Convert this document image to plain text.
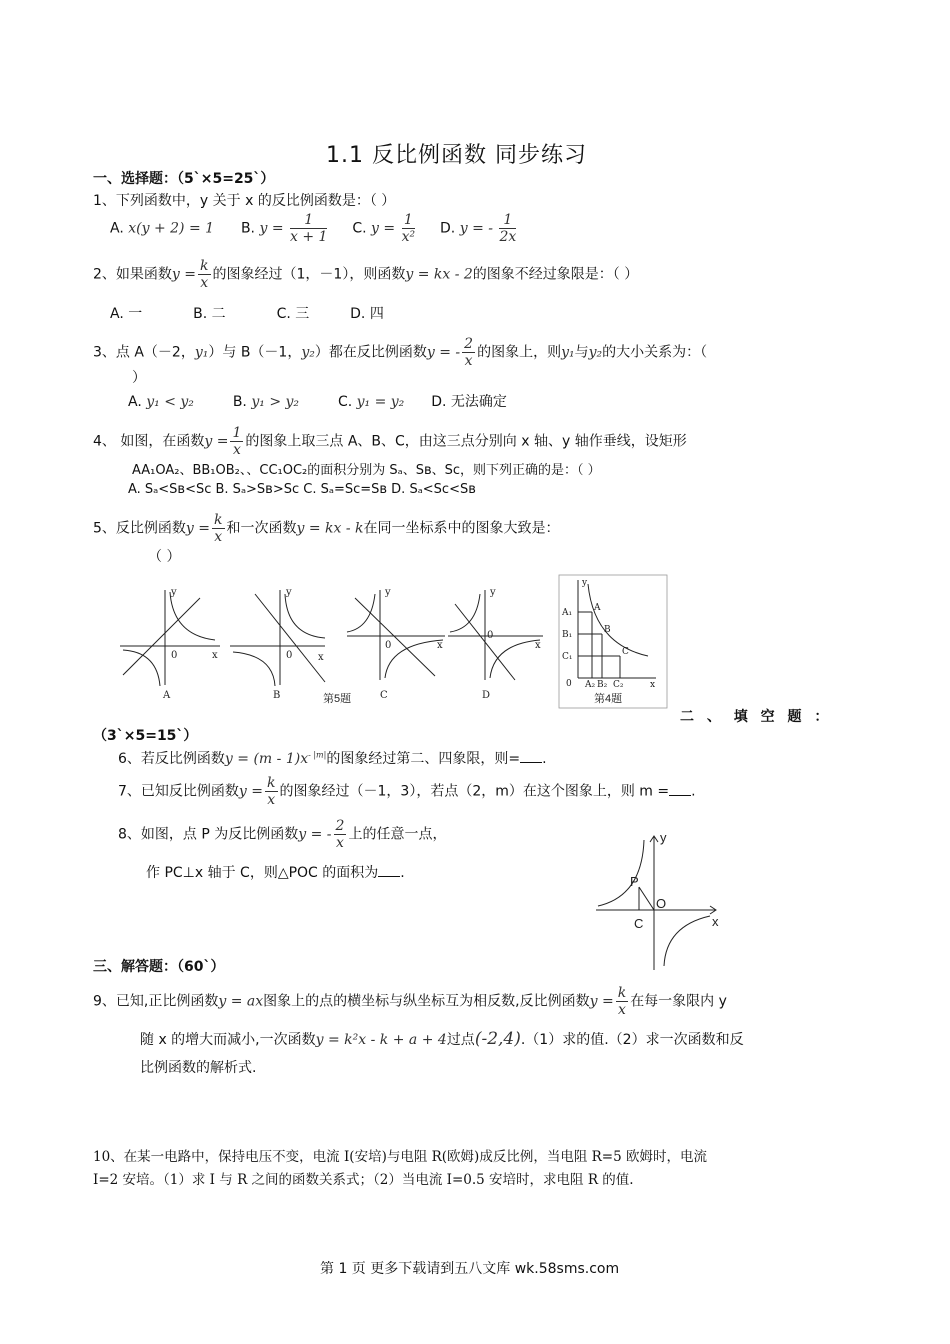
1.1 反比例函数 同步练习
一、选择题：（5`×5=25`）
1、下列函数中，y 关于 x 的反比例函数是：（ ）
A. x(y + 2) = 1 B. $y = \frac{1}{x + 1} C$. $y = \frac{1}{\text{x²}} D$. y = - $\frac{1}{2x}$
2、如果函数$y = \frac{k}{x}$ 的图象经过（1，－1），则函数y = kx - 2的图象不经过象限是：（ ）
A. 一	B. 二	C. 三	D. 四
3、点 A（－2，y₁）与 B（－1，y₂）都在反比例函数y = - $\frac{2}{x}$ 的图象上，则y₁与y₂的大小关系为：（
）
A. y₁ < y₂	B. y₁ > y₂	C. y₁ = y₂ D. 无法确定
4、 如图，在函数$y = \frac{1}{x}$ 的图象上取三点 A、B、C，由这三点分别向 x 轴、y 轴作垂线，设矩形
AA₁OA₂、BB₁OB₂、、CC₁OC₂的面积分别为 Sₐ、Sв、Sc，则下列正确的是：（ ）
A. Sₐ<Sв<Sc B. Sₐ>Sв>Sc C. Sₐ=Sc=Sв D. Sₐ<Sc<Sв
5、反比例函数$y = \frac{k}{x}$ 和一次函数y = kx - k在同一坐标系中的图象大致是：
（ ）
y
x
0
y
x
0
y
x
0
y
x
0
A	B	C	D
第5题
y
x
0
A
B
C
A₁
B₁
C₁
A₂ B₂ C₂
第4题
二 、 填 空 题 ：
（3`×5=15`）
6、若反比例函数$y = (m - 1)x^{- |m|}$的图象经过第二、四象限，则= .
7、已知反比例函数$y = \frac{k}{x}$ 的图象经过（－1，3），若点（2，m）在这个图象上，则 m = .
8、如图，点 P 为反比例函数y = - $\frac{2}{x}$ 上的任意一点，
作 PC⊥x 轴于 C，则△POC 的面积为 .
y
x
O
P
C
三、解答题：（60`）
9、已知,正比例函数y = ax图象上的点的横坐标与纵坐标互为相反数,反比例函数$y = \frac{k}{x}$ 在每一象限内 y
随 x 的增大而减小,一次函数y = k²x - k + a + 4过点(-2,4).（1）求的值.（2）求一次函数和反
比例函数的解析式.
10、在某一电路中，保持电压不变，电流 I(安培)与电阻 R(欧姆)成反比例，当电阻 R=5 欧姆时，电流
I=2 安培。（1）求 I 与 R 之间的函数关系式；（2）当电流 I=0.5 安培时，求电阻 R 的值.
第 1 页 更多下载请到五八文库 wk.58sms.com
